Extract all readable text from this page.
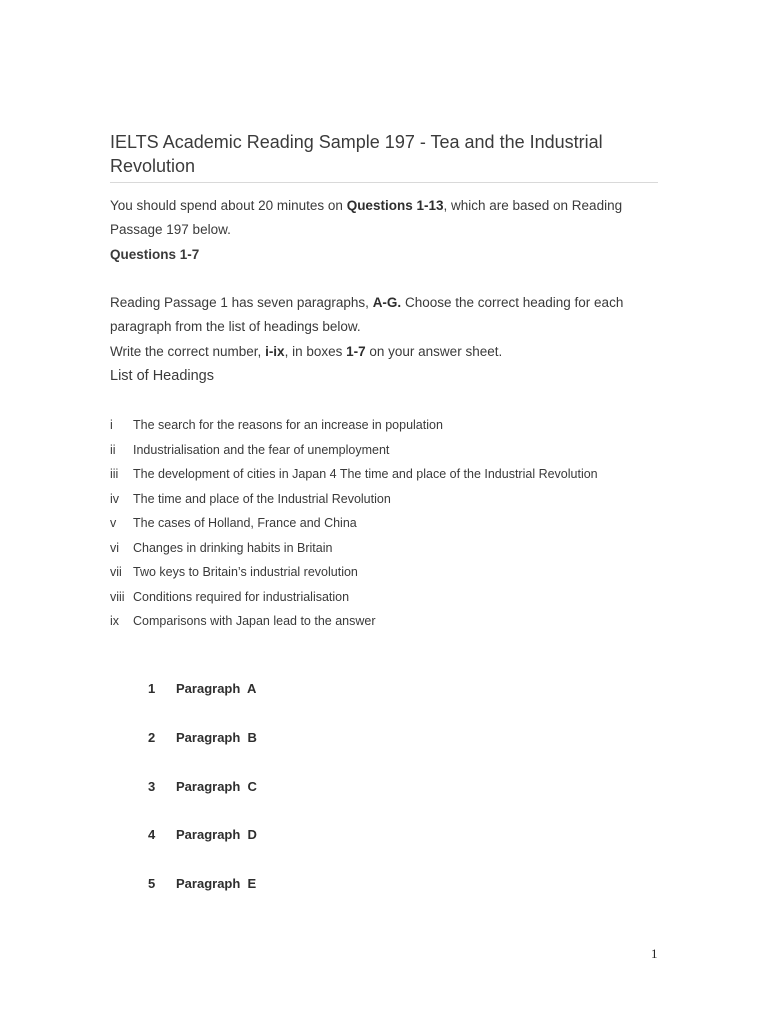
IELTS Academic Reading Sample 197 - Tea and the Industrial Revolution

You should spend about 20 minutes on Questions 1-13, which are based on Reading Passage 197 below.

Questions 1-7

Reading Passage 1 has seven paragraphs, A-G. Choose the correct heading for each paragraph from the list of headings below.

Write the correct number, i-ix, in boxes 1-7 on your answer sheet.

List of Headings
i The search for the reasons for an increase in population
ii Industrialisation and the fear of unemployment
iii The development of cities in Japan 4 The time and place of the Industrial Revolution
iv The time and place of the Industrial Revolution
v The cases of Holland, France and China
vi Changes in drinking habits in Britain
vii Two keys to Britain’s industrial revolution
viii Conditions required for industrialisation
ix Comparisons with Japan lead to the answer
1 Paragraph  A
2 Paragraph  B
3 Paragraph  C
4 Paragraph  D
5 Paragraph  E
1
